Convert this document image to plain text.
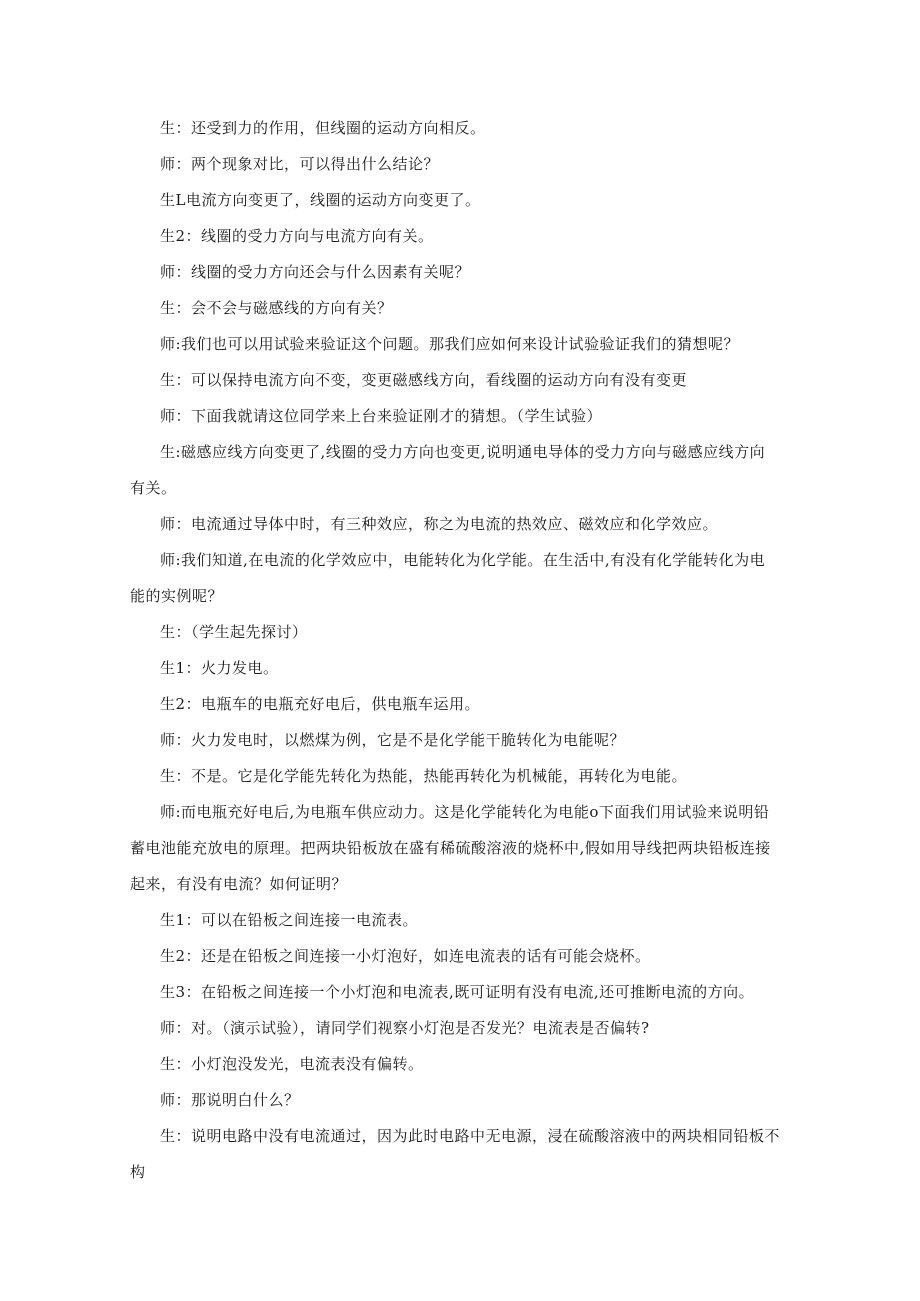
生：还受到力的作用，但线圈的运动方向相反。

师：两个现象对比，可以得出什么结论？

生L电流方向变更了，线圈的运动方向变更了。

生2：线圈的受力方向与电流方向有关。

师：线圈的受力方向还会与什么因素有关呢？

生：会不会与磁感线的方向有关？

师:我们也可以用试验来验证这个问题。那我们应如何来设计试验验证我们的猜想呢？

生：可以保持电流方向不变，变更磁感线方向，看线圈的运动方向有没有变更

师：下面我就请这位同学来上台来验证刚才的猜想。（学生试验）

生:磁感应线方向变更了,线圈的受力方向也变更,说明通电导体的受力方向与磁感应线方向有关。

师：电流通过导体中时，有三种效应，称之为电流的热效应、磁效应和化学效应。

师:我们知道,在电流的化学效应中，电能转化为化学能。在生活中,有没有化学能转化为电能的实例呢？

生：（学生起先探讨）

生1：火力发电。

生2：电瓶车的电瓶充好电后，供电瓶车运用。

师：火力发电时，以燃煤为例，它是不是化学能干脆转化为电能呢？

生：不是。它是化学能先转化为热能，热能再转化为机械能，再转化为电能。

师:而电瓶充好电后,为电瓶车供应动力。这是化学能转化为电能o下面我们用试验来说明铅蓄电池能充放电的原理。把两块铅板放在盛有稀硫酸溶液的烧杯中,假如用导线把两块铅板连接起来，有没有电流？如何证明？

生1：可以在铅板之间连接一电流表。

生2：还是在铅板之间连接一小灯泡好，如连电流表的话有可能会烧杯。

生3：在铅板之间连接一个小灯泡和电流表,既可证明有没有电流,还可推断电流的方向。

师：对。（演示试验），请同学们视察小灯泡是否发光？电流表是否偏转?

生：小灯泡没发光，电流表没有偏转。

师：那说明白什么？

生：说明电路中没有电流通过，因为此时电路中无电源，浸在硫酸溶液中的两块相同铅板不构
